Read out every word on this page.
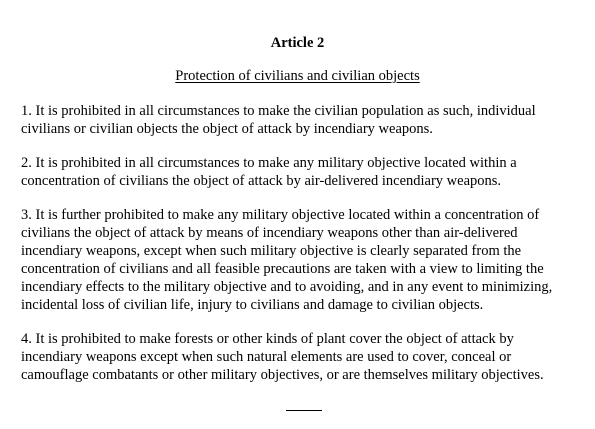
Article 2

Protection of civilians and civilian objects

1. It is prohibited in all circumstances to make the civilian population as such, individual
civilians or civilian objects the object of attack by incendiary weapons.

2. It is prohibited in all circumstances to make any military objective located within a
concentration of civilians the object of attack by air-delivered incendiary weapons.

3. It is further prohibited to make any military objective located within a concentration of
civilians the object of attack by means of incendiary weapons other than air-delivered
incendiary weapons, except when such military objective is clearly separated from the
concentration of civilians and all feasible precautions are taken with a view to limiting the
incendiary effects to the military objective and to avoiding, and in any event to minimizing,
incidental loss of civilian life, injury to civilians and damage to civilian objects.

4. It is prohibited to make forests or other kinds of plant cover the object of attack by
incendiary weapons except when such natural elements are used to cover, conceal or
camouflage combatants or other military objectives, or are themselves military objectives.
